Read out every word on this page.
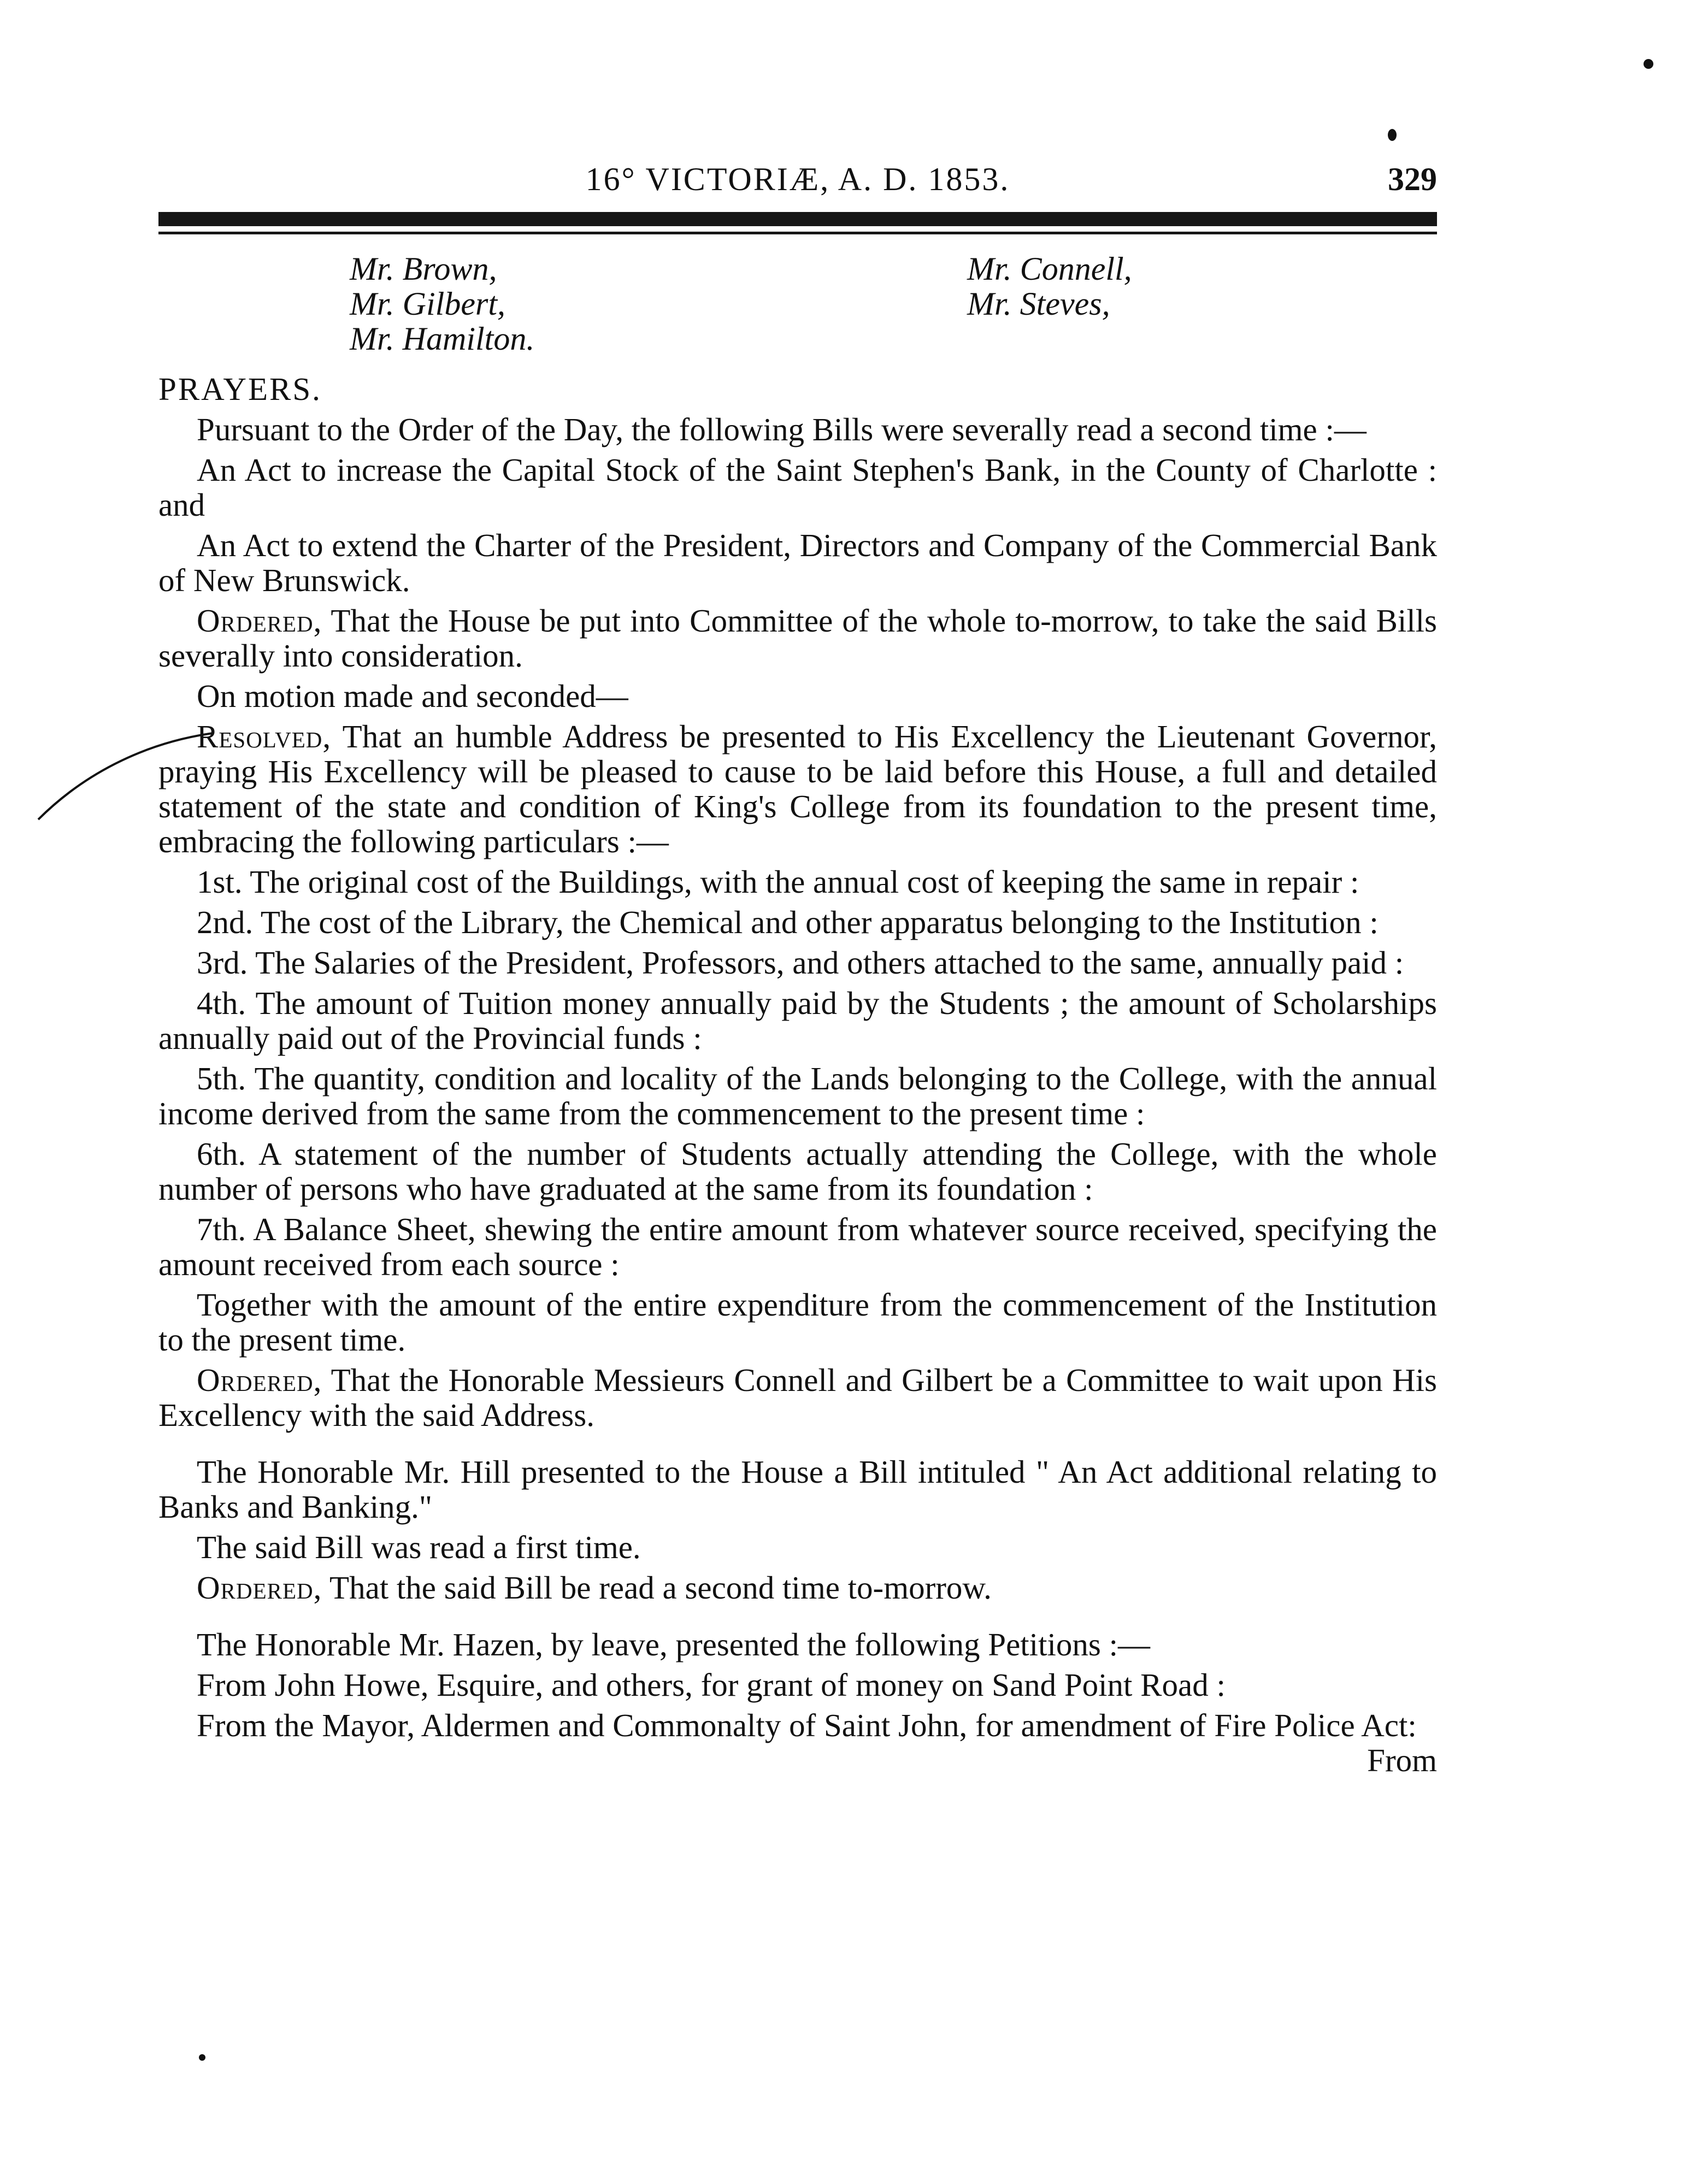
16° VICTORIÆ, A. D. 1853.	329
Mr. Brown,
Mr. Gilbert,
Mr. Hamilton.
Mr. Connell,
Mr. Steves,

PRAYERS.

Pursuant to the Order of the Day, the following Bills were severally read a second time :—

An Act to increase the Capital Stock of the Saint Stephen's Bank, in the County of Charlotte : and

An Act to extend the Charter of the President, Directors and Company of the Commercial Bank of New Brunswick.

Ordered, That the House be put into Committee of the whole to-morrow, to take the said Bills severally into consideration.

On motion made and seconded—

Resolved, That an humble Address be presented to His Excellency the Lieutenant Governor, praying His Excellency will be pleased to cause to be laid before this House, a full and detailed statement of the state and condition of King's College from its foundation to the present time, embracing the following particulars :—

1st. The original cost of the Buildings, with the annual cost of keeping the same in repair :

2nd. The cost of the Library, the Chemical and other apparatus belonging to the Institution :

3rd. The Salaries of the President, Professors, and others attached to the same, annually paid :

4th. The amount of Tuition money annually paid by the Students ; the amount of Scholarships annually paid out of the Provincial funds :

5th. The quantity, condition and locality of the Lands belonging to the College, with the annual income derived from the same from the commencement to the present time :

6th. A statement of the number of Students actually attending the College, with the whole number of persons who have graduated at the same from its foundation :

7th. A Balance Sheet, shewing the entire amount from whatever source received, specifying the amount received from each source :

Together with the amount of the entire expenditure from the commencement of the Institution to the present time.

Ordered, That the Honorable Messieurs Connell and Gilbert be a Committee to wait upon His Excellency with the said Address.

The Honorable Mr. Hill presented to the House a Bill intituled " An Act additional relating to Banks and Banking."

The said Bill was read a first time.

Ordered, That the said Bill be read a second time to-morrow.

The Honorable Mr. Hazen, by leave, presented the following Petitions :—

From John Howe, Esquire, and others, for grant of money on Sand Point Road :

From the Mayor, Aldermen and Commonalty of Saint John, for amendment of Fire Police Act:

From
